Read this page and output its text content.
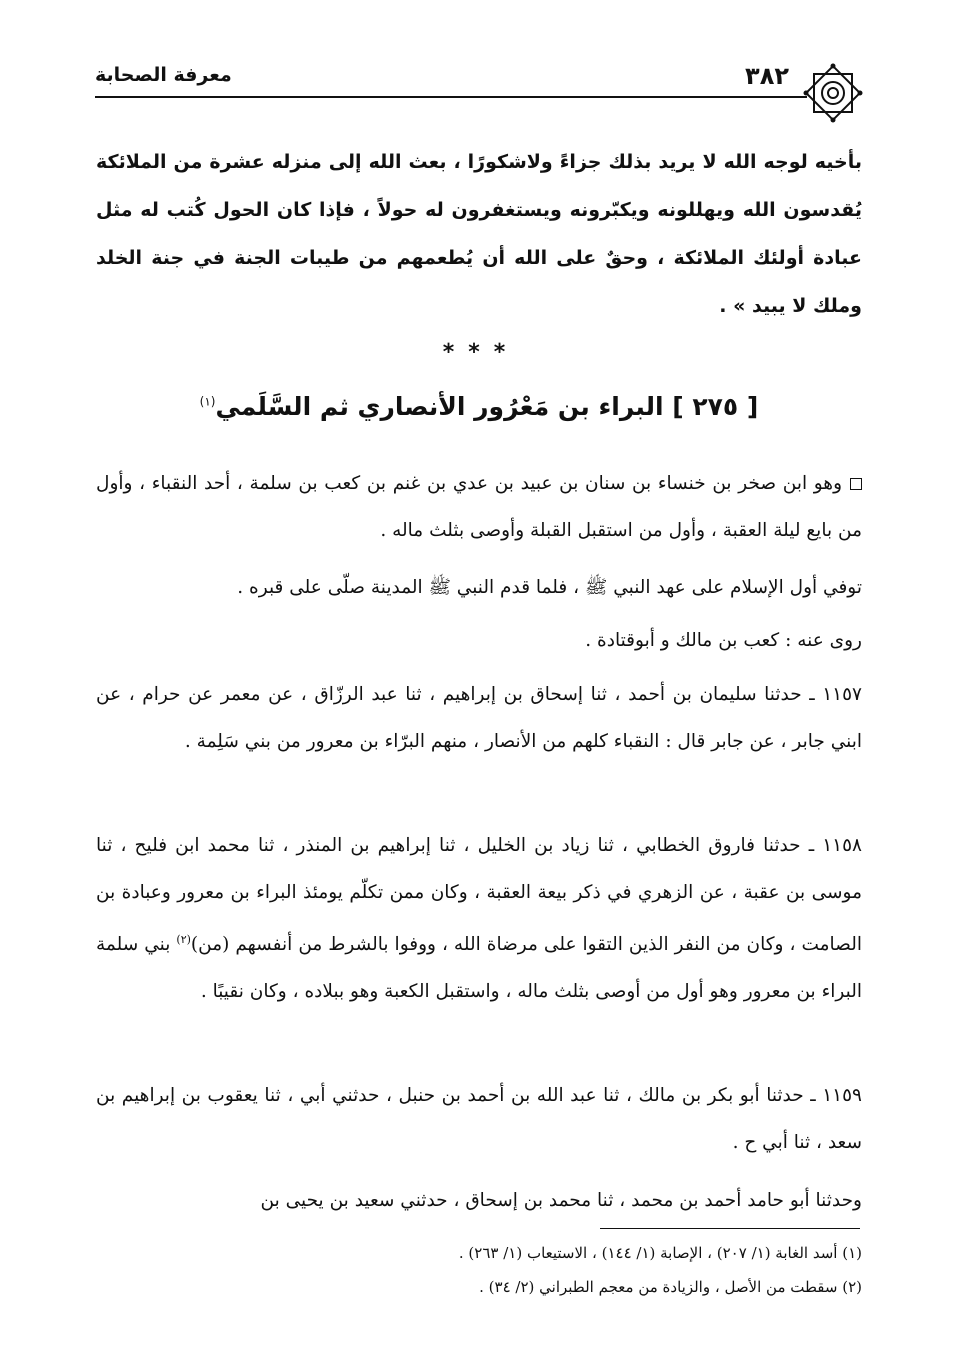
معرفة الصحابة	٣٨٢
بأخيه لوجه الله لا يريد بذلك جزاءً ولاشكورًا ، بعث الله إلى منزله عشرة من الملائكة يُقدسون الله ويهللونه ويكبّرونه ويستغفرون له حولاً ، فإذا كان الحول كُتب له مثل عبادة أولئك الملائكة ، وحقٌ على الله أن يُطعمهم من طيبات الجنة في جنة الخلد وملك لا يبيد » .
***
[ ٢٧٥ ] البراء بن مَعْرُور الأنصاري ثم السَّلَمي$^{(١)}$
وهو ابن صخر بن خنساء بن سنان بن عبيد بن عدي بن غنم بن كعب بن سلمة ، أحد النقباء ، وأول من بايع ليلة العقبة ، وأول من استقبل القبلة وأوصى بثلث ماله .
توفي أول الإسلام على عهد النبي ﷺ ، فلما قدم النبي ﷺ المدينة صلّى على قبره .
روى عنه : كعب بن مالك و أبوقتادة .
١١٥٧ ـ حدثنا سليمان بن أحمد ، ثنا إسحاق بن إبراهيم ، ثنا عبد الرزّاق ، عن معمر عن حرام ، عن ابني جابر ، عن جابر قال : النقباء كلهم من الأنصار ، منهم البرّاء بن معرور من بني سَلِمة .
١١٥٨ ـ حدثنا فاروق الخطابي ، ثنا زياد بن الخليل ، ثنا إبراهيم بن المنذر ، ثنا محمد ابن فليح ، ثنا موسى بن عقبة ، عن الزهري في ذكر بيعة العقبة ، وكان ممن تكلّم يومئذ البراء بن معرور وعبادة بن الصامت ، وكان من النفر الذين التقوا على مرضاة الله ، ووفوا بالشرط من أنفسهم (من)$^{(٢)}$ بني سلمة البراء بن معرور وهو أول من أوصى بثلث ماله ، واستقبل الكعبة وهو ببلاده ، وكان نقيبًا .
١١٥٩ ـ حدثنا أبو بكر بن مالك ، ثنا عبد الله بن أحمد بن حنبل ، حدثني أبي ، ثنا يعقوب بن إبراهيم بن سعد ، ثنا أبي ح .
وحدثنا أبو حامد أحمد بن محمد ، ثنا محمد بن إسحاق ، حدثني سعيد بن يحيى بن
(١) أسد الغابة (١/ ٢٠٧) ، الإصابة (١/ ١٤٤) ، الاستيعاب (١/ ٢٦٣) .
(٢) سقطت من الأصل ، والزيادة من معجم الطبراني (٢/ ٣٤) .
